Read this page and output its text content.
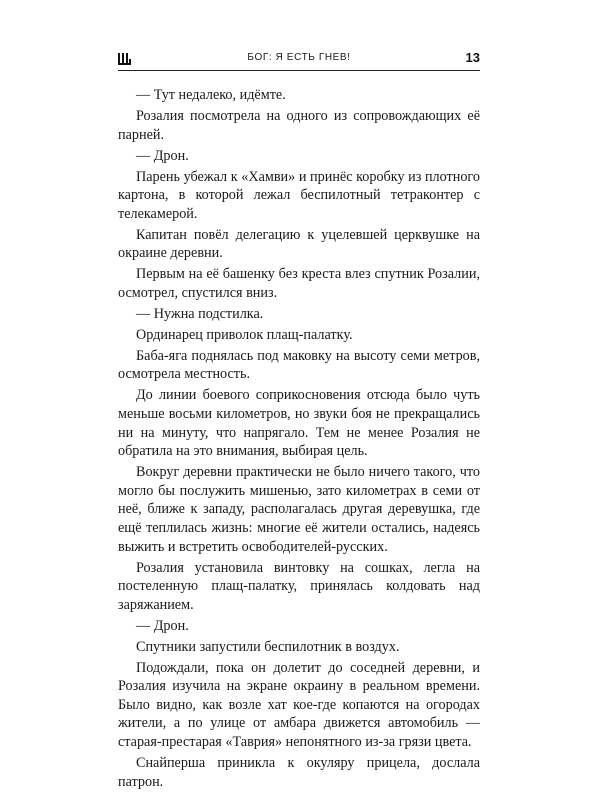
БОГ: Я ЕСТЬ ГНЕВ!	13

— Тут недалеко, идёмте.

Розалия посмотрела на одного из сопровождающих её парней.

— Дрон.

Парень убежал к «Хамви» и принёс коробку из плотного картона, в которой лежал беспилотный тетраконтер с телекамерой.

Капитан повёл делегацию к уцелевшей церквушке на окраине деревни.

Первым на её башенку без креста влез спутник Розалии, осмотрел, спустился вниз.

— Нужна подстилка.

Ординарец приволок плащ-палатку.

Баба-яга поднялась под маковку на высоту семи метров, осмотрела местность.

До линии боевого соприкосновения отсюда было чуть меньше восьми километров, но звуки боя не прекращались ни на минуту, что напрягало. Тем не менее Розалия не обратила на это внимания, выбирая цель.

Вокруг деревни практически не было ничего такого, что могло бы послужить мишенью, зато километрах в семи от неё, ближе к западу, располагалась другая деревушка, где ещё теплилась жизнь: многие её жители остались, надеясь выжить и встретить освободителей-русских.

Розалия установила винтовку на сошках, легла на постеленную плащ-палатку, принялась колдовать над заряжанием.

— Дрон.

Спутники запустили беспилотник в воздух.

Подождали, пока он долетит до соседней деревни, и Розалия изучила на экране окраину в реальном времени. Было видно, как возле хат кое-где копаются на огородах жители, а по улице от амбара движется автомобиль — старая-престарая «Таврия» непонятного из-за грязи цвета.

Снайперша приникла к окуляру прицела, дослала патрон.
